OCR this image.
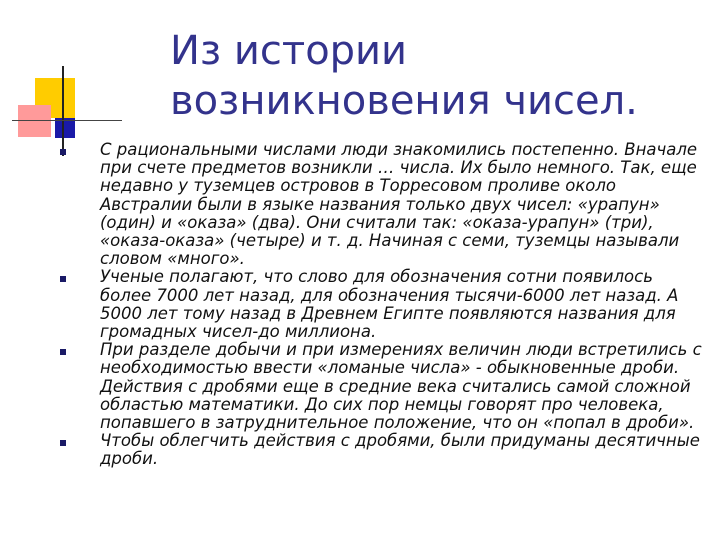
Из истории возникновения чисел.
С рациональными числами люди знакомились постепенно. Вначале при счете предметов возникли … числа. Их было немного. Так, еще недавно у туземцев островов в Торресовом проливе около Австралии были в языке названия только двух чисел: «урапун» (один) и «оказа» (два). Они считали так: «оказа-урапун» (три), «оказа-оказа» (четыре) и т. д. Начиная с семи, туземцы называли словом «много».
Ученые полагают, что слово для обозначения сотни появилось более 7000 лет назад, для обозначения тысячи-6000 лет назад. А 5000 лет тому назад в Древнем Египте появляются названия для громадных чисел-до миллиона.
При разделе добычи и при измерениях величин люди встретились с необходимостью ввести «ломаные числа» - обыкновенные дроби. Действия с дробями еще в средние века считались самой сложной областью математики. До сих пор немцы говорят про человека, попавшего в затруднительное положение, что он «попал в дроби».
Чтобы облегчить действия с дробями, были придуманы десятичные дроби.
